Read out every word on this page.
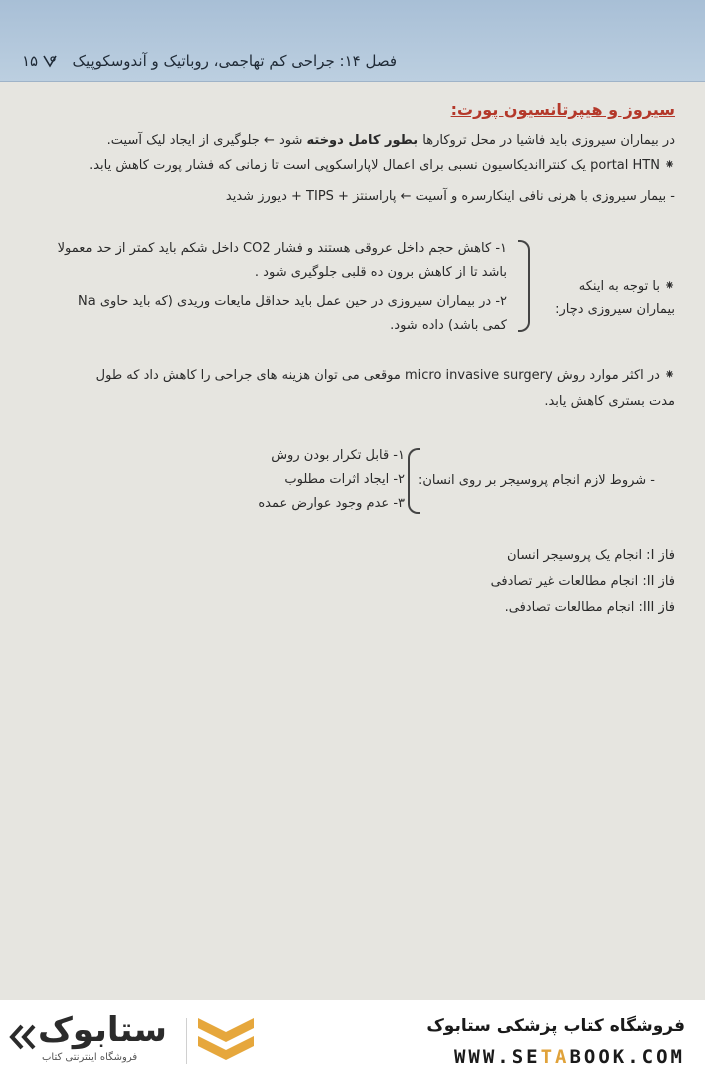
فصل ۱۴: جراحی کم تهاجمی، روباتیک و آندوسکوپیک
۱۵
سیروز و هیپرتانسیون پورت:
در بیماران سیروزی باید فاشیا در محل تروکارها بطور کامل دوخته شود ← جلوگیری از ایجاد لیک آسیت.
⁕ portal HTN یک کنترااندیکاسیون نسبی برای اعمال لاپاراسکوپی است تا زمانی که فشار پورت کاهش یابد.
- بیمار سیروزی با هرنی نافی اینکارسره و آسیت ← پاراسنتز + TIPS + دیورز شدید
⁕ با توجه به اینکه
بیماران سیروزی دچار:
۱- کاهش حجم داخل عروقی هستند و فشار CO2 داخل شکم باید کمتر از حد معمولا
باشد تا از کاهش برون ده قلبی جلوگیری شود .
۲- در بیماران سیروزی در حین عمل باید حداقل مایعات وریدی (که باید حاوی Na
کمی باشد) داده شود.
⁕ در اکثر موارد روش micro invasive surgery موقعی می توان هزینه های جراحی را کاهش داد که طول
مدت بستری کاهش یابد.
- شروط لازم انجام پروسیجر بر روی انسان:
۱- قابل تکرار بودن روش
۲- ایجاد اثرات مطلوب
۳- عدم وجود عوارض عمده
فاز I: انجام یک پروسیجر انسان
فاز II: انجام مطالعات غیر تصادفی
فاز III: انجام مطالعات تصادفی.
فروشگاه کتاب پزشکی ستابوک
WWW.SETABOOK.COM
ستابوک
فروشگاه اینترنتی کتاب
